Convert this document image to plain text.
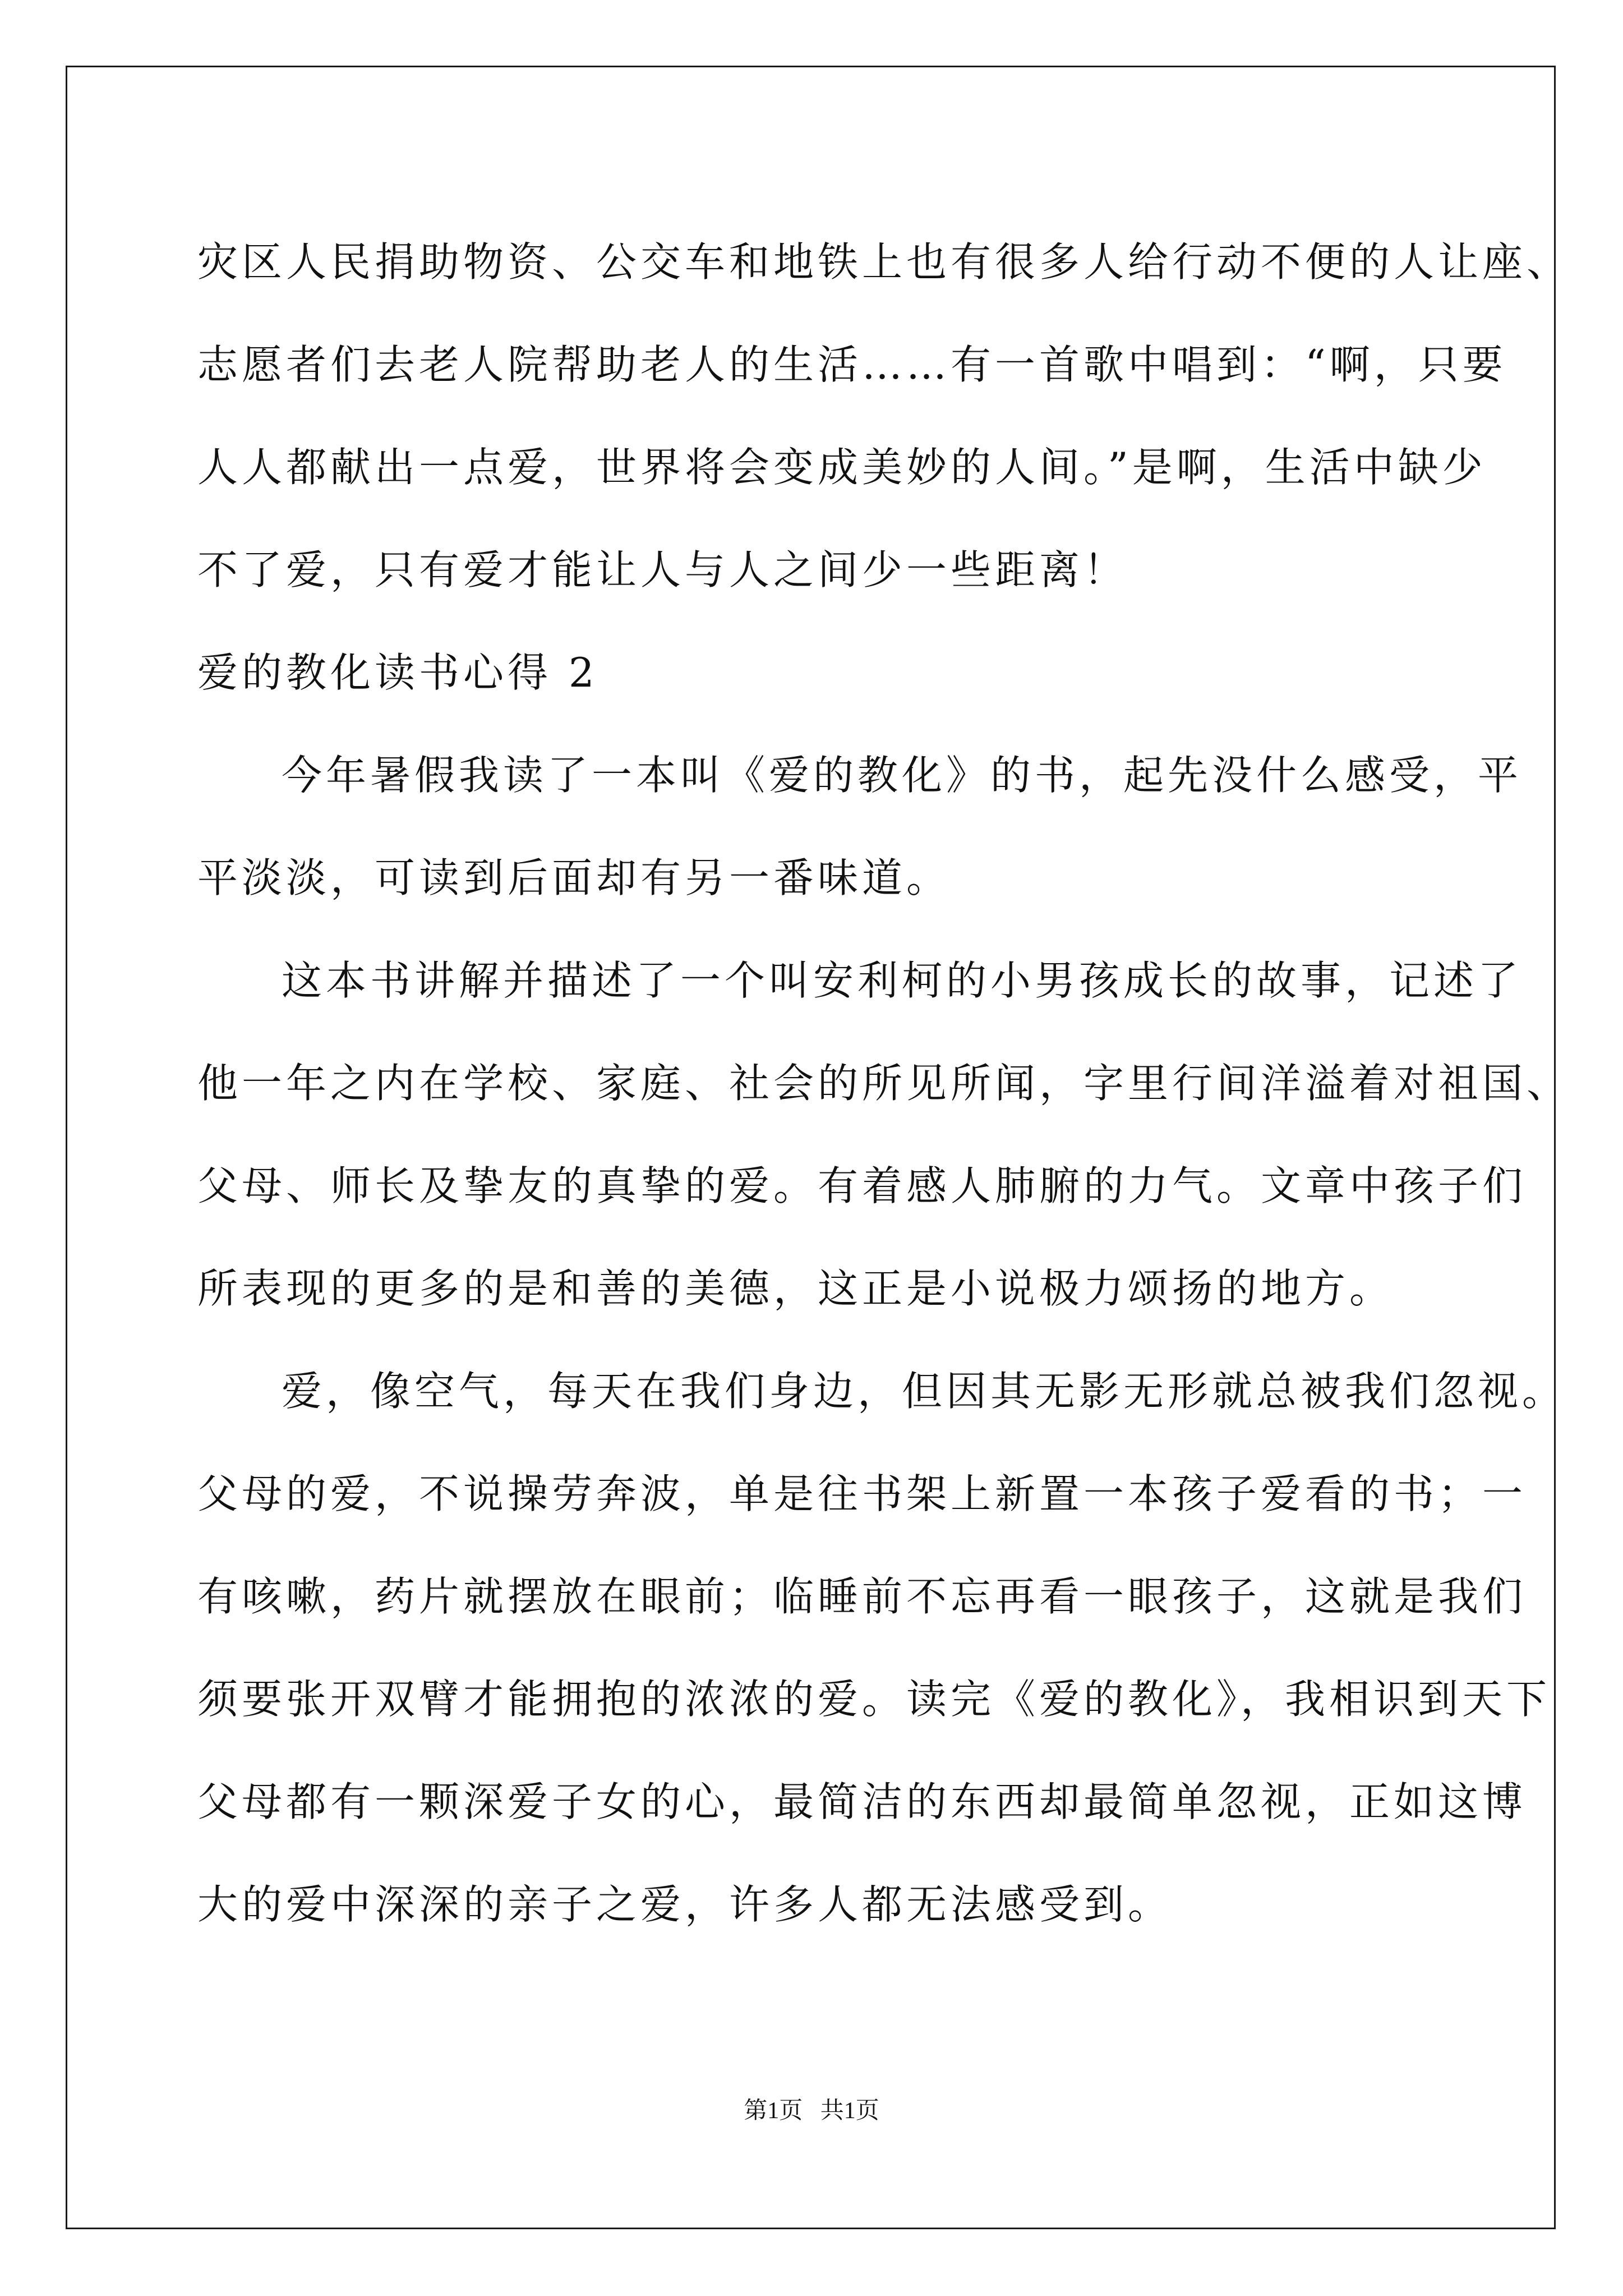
灾区人民捐助物资、公交车和地铁上也有很多人给行动不便的人让座、
志愿者们去老人院帮助老人的生活……有一首歌中唱到：“啊，只要
人人都献出一点爱，世界将会变成美妙的人间。”是啊，生活中缺少
不了爱，只有爱才能让人与人之间少一些距离！
爱的教化读书心得 2
今年暑假我读了一本叫《爱的教化》的书，起先没什么感受，平
平淡淡，可读到后面却有另一番味道。
这本书讲解并描述了一个叫安利柯的小男孩成长的故事，记述了
他一年之内在学校、家庭、社会的所见所闻，字里行间洋溢着对祖国、
父母、师长及挚友的真挚的爱。有着感人肺腑的力气。文章中孩子们
所表现的更多的是和善的美德，这正是小说极力颂扬的地方。
爱，像空气，每天在我们身边，但因其无影无形就总被我们忽视。
父母的爱，不说操劳奔波，单是往书架上新置一本孩子爱看的书；一
有咳嗽，药片就摆放在眼前；临睡前不忘再看一眼孩子，这就是我们
须要张开双臂才能拥抱的浓浓的爱。读完《爱的教化》，我相识到天下
父母都有一颗深爱子女的心，最简洁的东西却最简单忽视，正如这博
大的爱中深深的亲子之爱，许多人都无法感受到。
第1页   共1页
